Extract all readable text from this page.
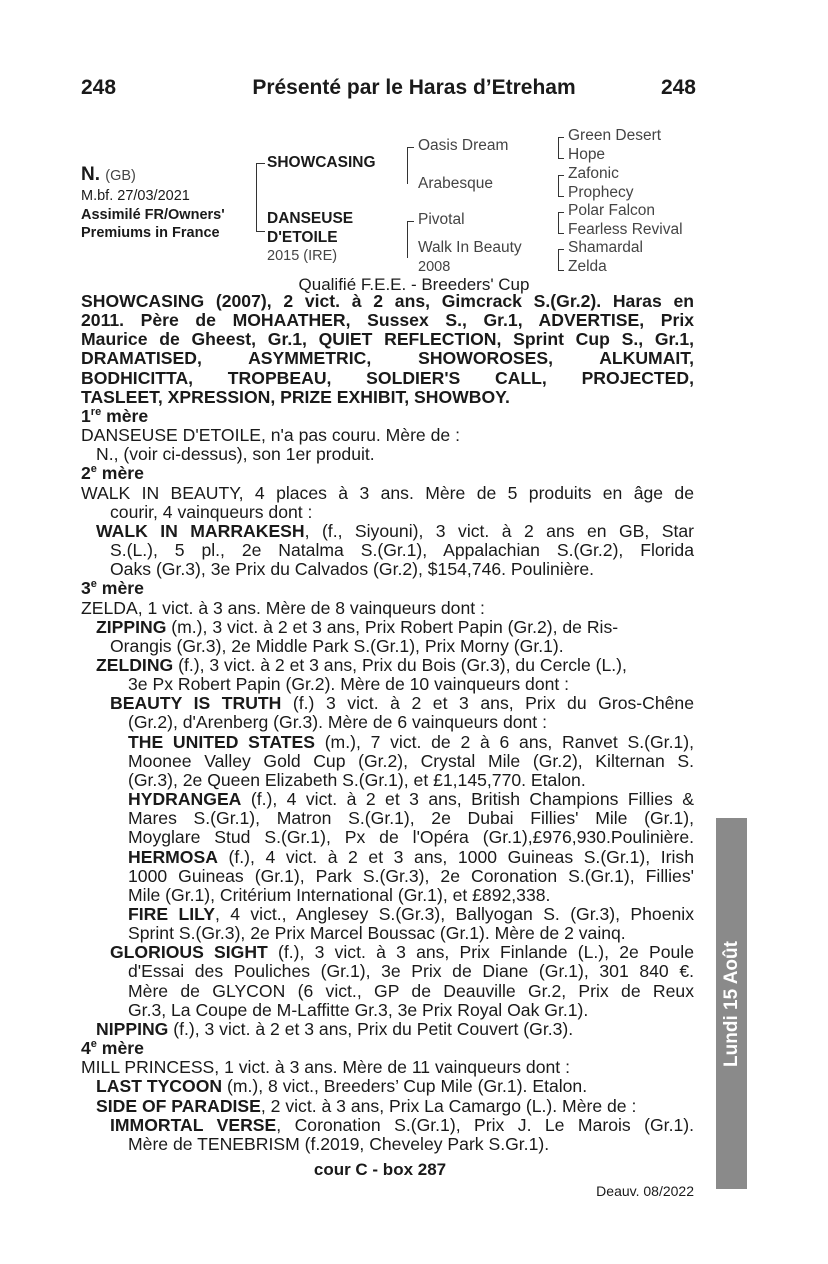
248	Présenté par le Haras d’Etreham	248
N. (GB)
M.bf. 27/03/2021
Assimilé FR/Owners'
Premiums in France
SHOWCASING
DANSEUSE
D'ETOILE
2015 (IRE)
Oasis Dream
Arabesque
Pivotal
Walk In Beauty
2008
Green Desert
Hope
Zafonic
Prophecy
Polar Falcon
Fearless Revival
Shamardal
Zelda
Qualifié F.E.E. - Breeders' Cup

SHOWCASING (2007), 2 vict. à 2 ans, Gimcrack S.(Gr.2). Haras en

2011. Père de MOHAATHER, Sussex S., Gr.1, ADVERTISE, Prix

Maurice de Gheest, Gr.1, QUIET REFLECTION, Sprint Cup S., Gr.1,

DRAMATISED, ASYMMETRIC, SHOWOROSES, ALKUMAIT,

BODHICITTA, TROPBEAU, SOLDIER'S CALL, PROJECTED,

TASLEET, XPRESSION, PRIZE EXHIBIT, SHOWBOY.

1re mère

DANSEUSE D'ETOILE, n'a pas couru. Mère de :

N., (voir ci-dessus), son 1er produit.

2e mère

WALK IN BEAUTY, 4 places à 3 ans. Mère de 5 produits en âge de

courir, 4 vainqueurs dont :

WALK IN MARRAKESH, (f., Siyouni), 3 vict. à 2 ans en GB, Star

S.(L.), 5 pl., 2e Natalma S.(Gr.1), Appalachian S.(Gr.2), Florida

Oaks (Gr.3), 3e Prix du Calvados (Gr.2), $154,746. Poulinière.

3e mère

ZELDA, 1 vict. à 3 ans. Mère de 8 vainqueurs dont :

ZIPPING (m.), 3 vict. à 2 et 3 ans, Prix Robert Papin (Gr.2), de Ris-

Orangis (Gr.3), 2e Middle Park S.(Gr.1), Prix Morny (Gr.1).

ZELDING (f.), 3 vict. à 2 et 3 ans, Prix du Bois (Gr.3), du Cercle (L.),

3e Px Robert Papin (Gr.2). Mère de 10 vainqueurs dont :

BEAUTY IS TRUTH (f.) 3 vict. à 2 et 3 ans, Prix du Gros-Chêne

(Gr.2), d'Arenberg (Gr.3). Mère de 6 vainqueurs dont :

THE UNITED STATES (m.), 7 vict. de 2 à 6 ans, Ranvet S.(Gr.1),

Moonee Valley Gold Cup (Gr.2), Crystal Mile (Gr.2), Kilternan S.

(Gr.3), 2e Queen Elizabeth S.(Gr.1), et £1,145,770. Etalon.

HYDRANGEA (f.), 4 vict. à 2 et 3 ans, British Champions Fillies &

Mares S.(Gr.1), Matron S.(Gr.1), 2e Dubai Fillies' Mile (Gr.1),

Moyglare Stud S.(Gr.1), Px de l'Opéra (Gr.1),£976,930.Poulinière.

HERMOSA (f.), 4 vict. à 2 et 3 ans, 1000 Guineas S.(Gr.1), Irish

1000 Guineas (Gr.1), Park S.(Gr.3), 2e Coronation S.(Gr.1), Fillies'

Mile (Gr.1), Critérium International (Gr.1), et £892,338.

FIRE LILY, 4 vict., Anglesey S.(Gr.3), Ballyogan S. (Gr.3), Phoenix

Sprint S.(Gr.3), 2e Prix Marcel Boussac (Gr.1). Mère de 2 vainq.

GLORIOUS SIGHT (f.), 3 vict. à 3 ans, Prix Finlande (L.), 2e Poule

d'Essai des Pouliches (Gr.1), 3e Prix de Diane (Gr.1), 301 840 €.

Mère de GLYCON (6 vict., GP de Deauville Gr.2, Prix de Reux

Gr.3, La Coupe de M-Laffitte Gr.3, 3e Prix Royal Oak Gr.1).

NIPPING (f.), 3 vict. à 2 et 3 ans, Prix du Petit Couvert (Gr.3).

4e mère

MILL PRINCESS, 1 vict. à 3 ans. Mère de 11 vainqueurs dont :

LAST TYCOON (m.), 8 vict., Breeders’ Cup Mile (Gr.1). Etalon.

SIDE OF PARADISE, 2 vict. à 3 ans, Prix La Camargo (L.). Mère de :

IMMORTAL VERSE, Coronation S.(Gr.1), Prix J. Le Marois (Gr.1).

Mère de TENEBRISM (f.2019, Cheveley Park S.Gr.1).

cour C - box 287
Deauv. 08/2022
Lundi 15 Août
